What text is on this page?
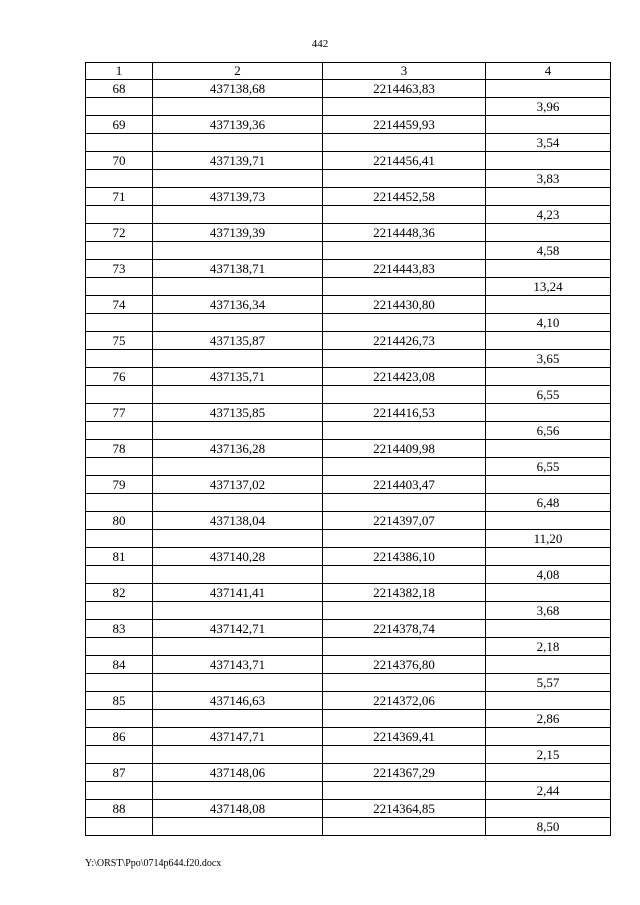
442
1	2	3	4
68	437138,68	2214463,83	
			3,96
69	437139,36	2214459,93	
			3,54
70	437139,71	2214456,41	
			3,83
71	437139,73	2214452,58	
			4,23
72	437139,39	2214448,36	
			4,58
73	437138,71	2214443,83	
			13,24
74	437136,34	2214430,80	
			4,10
75	437135,87	2214426,73	
			3,65
76	437135,71	2214423,08	
			6,55
77	437135,85	2214416,53	
			6,56
78	437136,28	2214409,98	
			6,55
79	437137,02	2214403,47	
			6,48
80	437138,04	2214397,07	
			11,20
81	437140,28	2214386,10	
			4,08
82	437141,41	2214382,18	
			3,68
83	437142,71	2214378,74	
			2,18
84	437143,71	2214376,80	
			5,57
85	437146,63	2214372,06	
			2,86
86	437147,71	2214369,41	
			2,15
87	437148,06	2214367,29	
			2,44
88	437148,08	2214364,85	
			8,50
Y:\ORST\Ppo\0714p644.f20.docx
